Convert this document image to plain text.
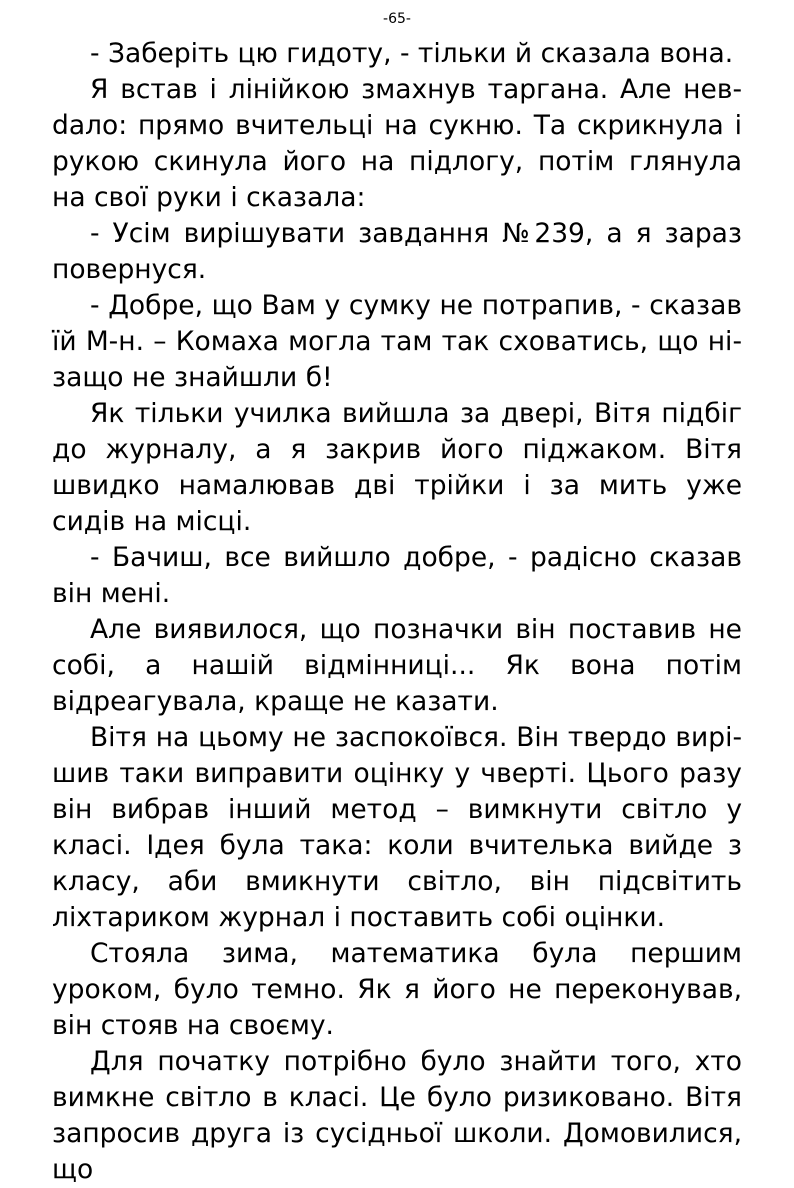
-65-

- Заберіть цю гидоту, - тільки й сказала вона.

Я встав і лінійкою змахнув таргана. Але невdало: прямо вчительці на сукню. Та скрикнула і рукою скинула його на підлогу, потім глянула на свої руки і сказала:

- Усім вирішувати завдання №239, а я зараз повернуся.

- Добре, що Вам у сумку не потрапив, - сказав їй М-н. – Комаха могла там так сховатись, що нізащо не знайшли б!

Як тільки училка вийшла за двері, Вітя підбіг до журналу, а я закрив його піджаком. Вітя швидко намалював дві трійки і за мить уже сидів на місці.

- Бачиш, все вийшло добре, - радісно сказав він мені.

Але виявилося, що позначки він поставив не собі, а нашій відмінниці... Як вона потім відреагувала, краще не казати.

Вітя на цьому не заспокоївся. Він твердо вирішив таки виправити оцінку у чверті. Цього разу він вибрав інший метод – вимкнути світло у класі. Ідея була така: коли вчителька вийде з класу, аби вмикнути світло, він підсвітить ліхтариком журнал і поставить собі оцінки.

Стояла зима, математика була першим уроком, було темно. Як я його не переконував, він стояв на своєму.

Для початку потрібно було знайти того, хто вимкне світло в класі. Це було ризиковано. Вітя запросив друга із сусідньої школи. Домовилися, що
